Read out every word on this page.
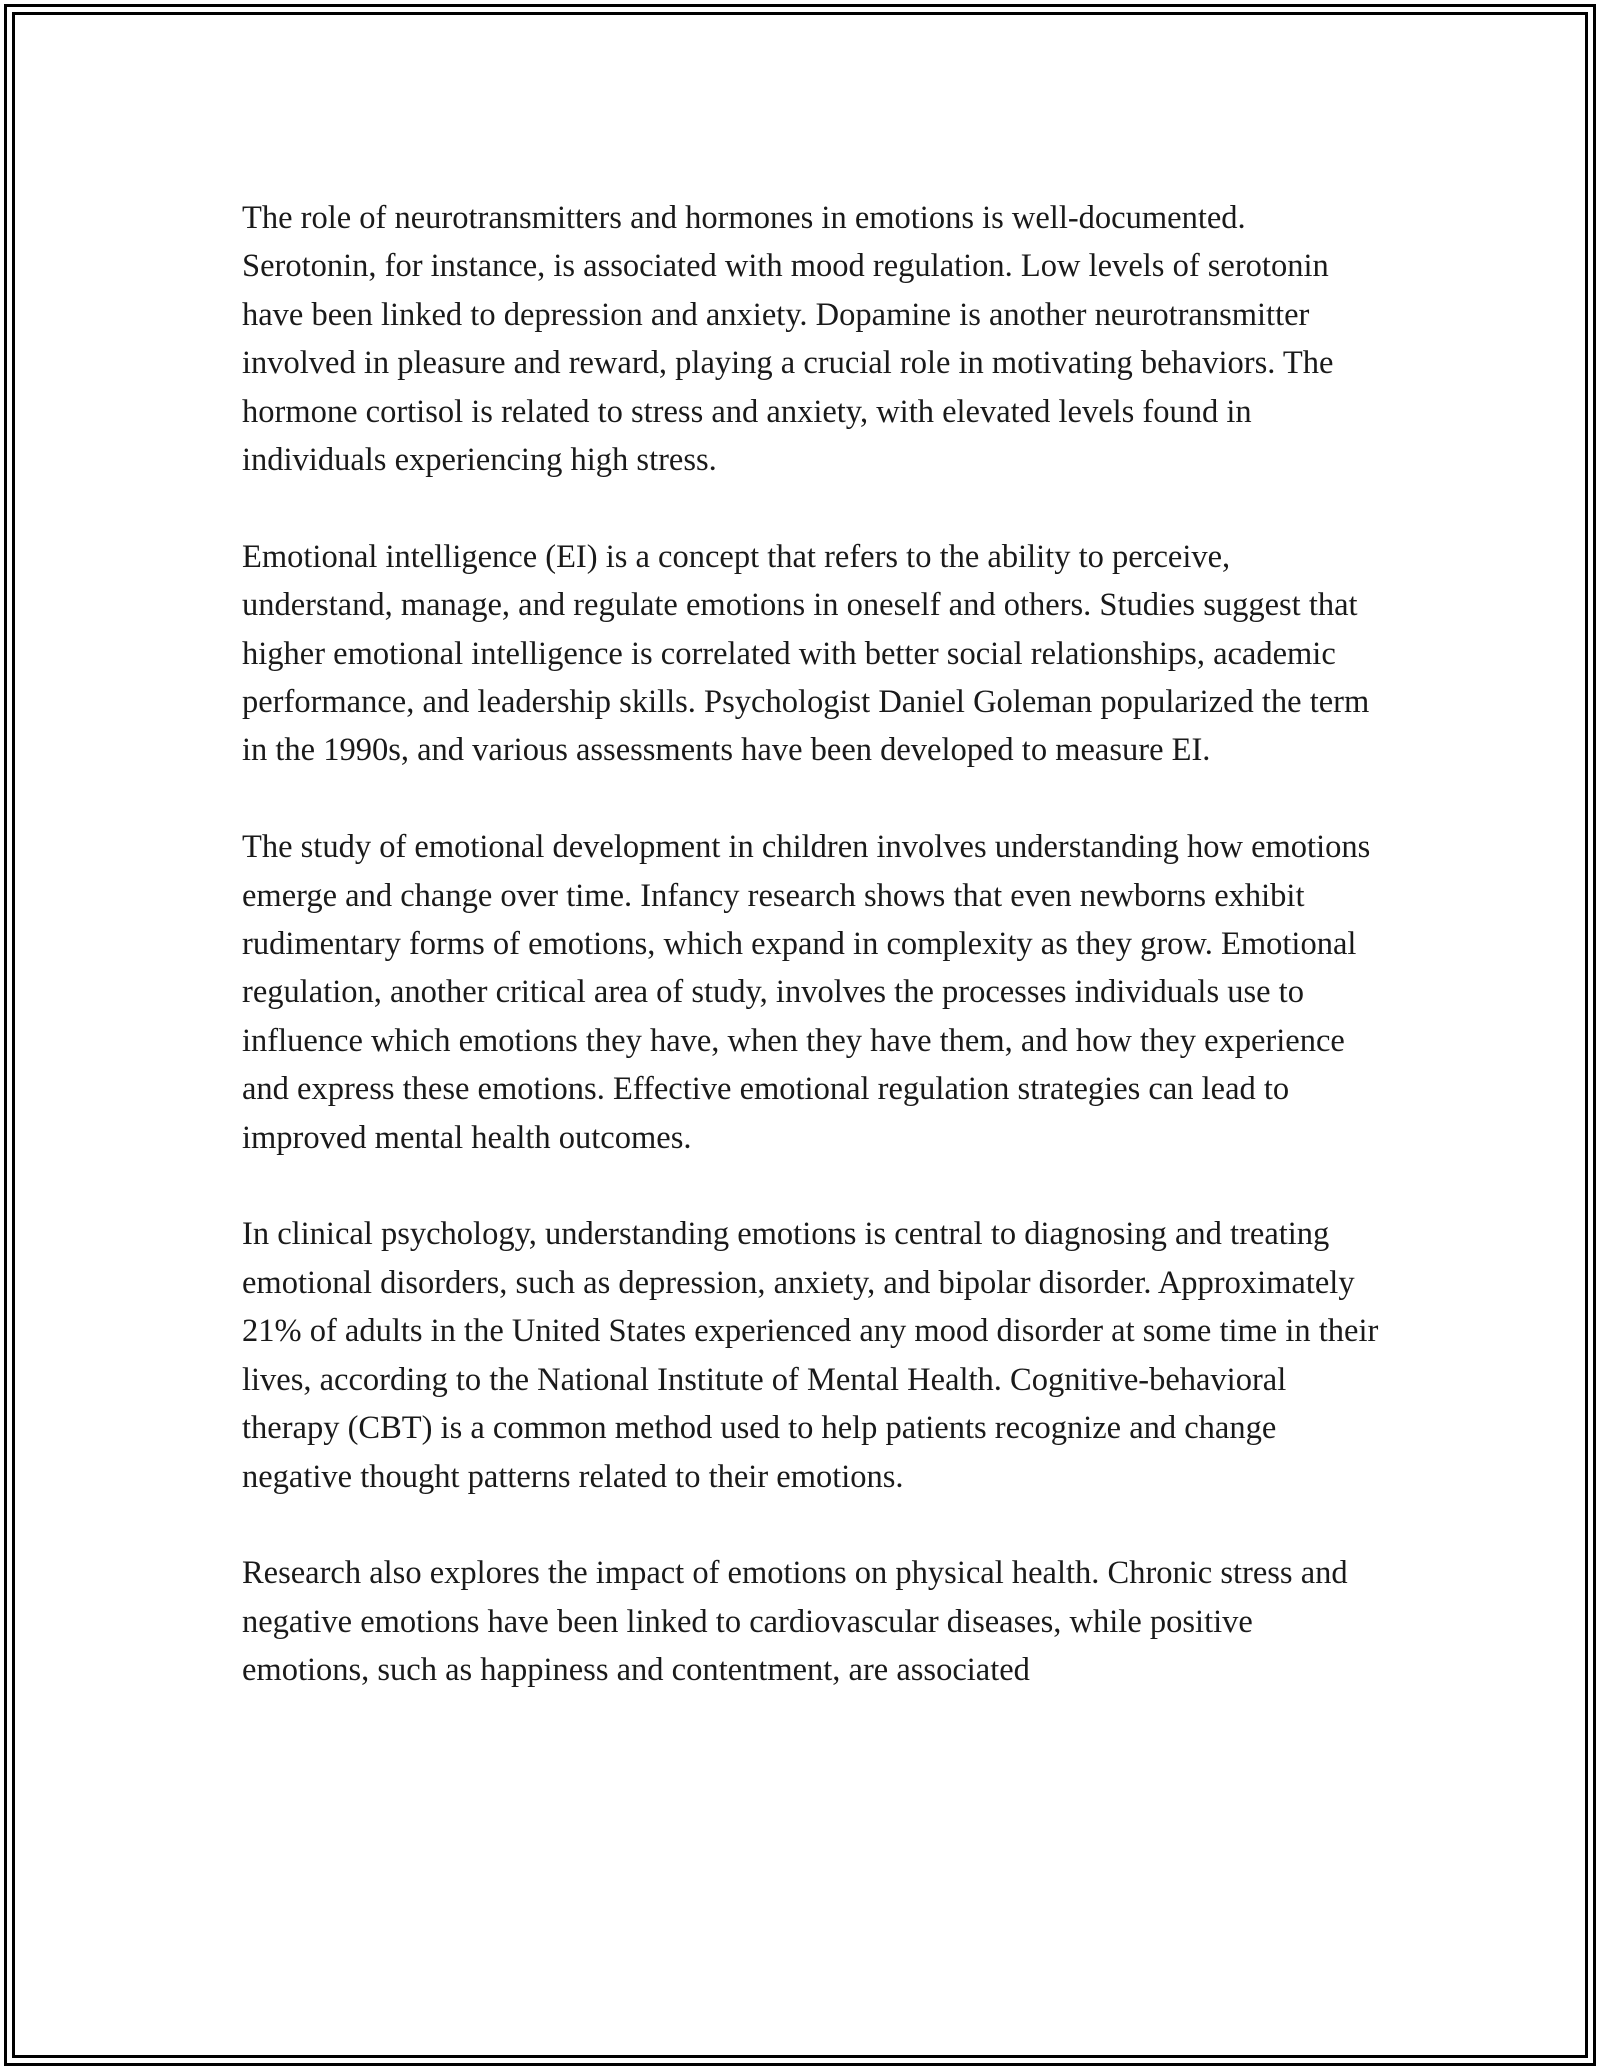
The role of neurotransmitters and hormones in emotions is well-documented. Serotonin, for instance, is associated with mood regulation. Low levels of serotonin have been linked to depression and anxiety. Dopamine is another neurotransmitter involved in pleasure and reward, playing a crucial role in motivating behaviors. The hormone cortisol is related to stress and anxiety, with elevated levels found in individuals experiencing high stress.

Emotional intelligence (EI) is a concept that refers to the ability to perceive, understand, manage, and regulate emotions in oneself and others. Studies suggest that higher emotional intelligence is correlated with better social relationships, academic performance, and leadership skills. Psychologist Daniel Goleman popularized the term in the 1990s, and various assessments have been developed to measure EI.

The study of emotional development in children involves understanding how emotions emerge and change over time. Infancy research shows that even newborns exhibit rudimentary forms of emotions, which expand in complexity as they grow. Emotional regulation, another critical area of study, involves the processes individuals use to influence which emotions they have, when they have them, and how they experience and express these emotions. Effective emotional regulation strategies can lead to improved mental health outcomes.

In clinical psychology, understanding emotions is central to diagnosing and treating emotional disorders, such as depression, anxiety, and bipolar disorder. Approximately 21% of adults in the United States experienced any mood disorder at some time in their lives, according to the National Institute of Mental Health. Cognitive-behavioral therapy (CBT) is a common method used to help patients recognize and change negative thought patterns related to their emotions.

Research also explores the impact of emotions on physical health. Chronic stress and negative emotions have been linked to cardiovascular diseases, while positive emotions, such as happiness and contentment, are associated
